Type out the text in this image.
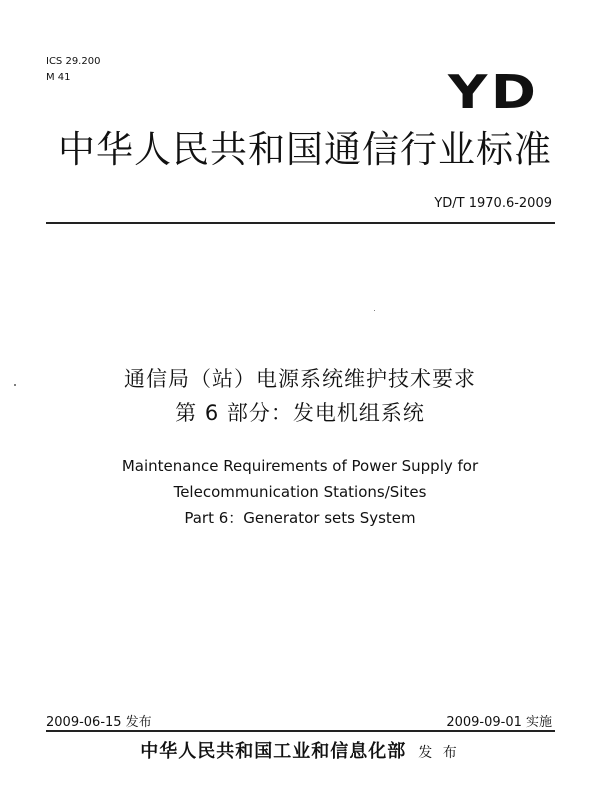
ICS 29.200
M 41	YD
中华人民共和国通信行业标准
YD/T 1970.6-2009
通信局（站）电源系统维护技术要求
第 6 部分：发电机组系统
Maintenance Requirements of Power Supply for
Telecommunication Stations/Sites
Part 6：Generator sets System
2009-06-15 发布	2009-09-01 实施
中华人民共和国工业和信息化部 发 布
